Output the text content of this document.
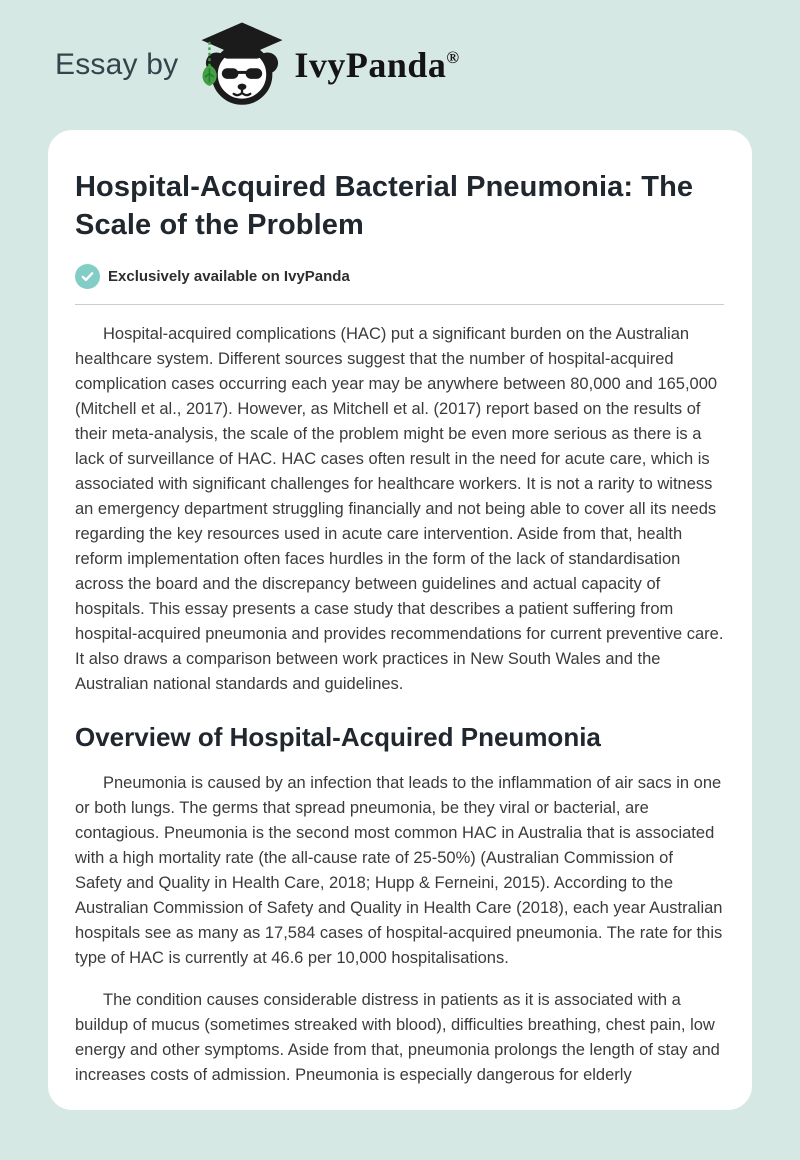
Essay by	IvyPanda®
Hospital-Acquired Bacterial Pneumonia: The Scale of the Problem
Exclusively available on IvyPanda

Hospital-acquired complications (HAC) put a significant burden on the Australian healthcare system. Different sources suggest that the number of hospital-acquired complication cases occurring each year may be anywhere between 80,000 and 165,000 (Mitchell et al., 2017). However, as Mitchell et al. (2017) report based on the results of their meta-analysis, the scale of the problem might be even more serious as there is a lack of surveillance of HAC. HAC cases often result in the need for acute care, which is associated with significant challenges for healthcare workers. It is not a rarity to witness an emergency department struggling financially and not being able to cover all its needs regarding the key resources used in acute care intervention. Aside from that, health reform implementation often faces hurdles in the form of the lack of standardisation across the board and the discrepancy between guidelines and actual capacity of hospitals. This essay presents a case study that describes a patient suffering from hospital-acquired pneumonia and provides recommendations for current preventive care. It also draws a comparison between work practices in New South Wales and the Australian national standards and guidelines.

Overview of Hospital-Acquired Pneumonia

Pneumonia is caused by an infection that leads to the inflammation of air sacs in one or both lungs. The germs that spread pneumonia, be they viral or bacterial, are contagious. Pneumonia is the second most common HAC in Australia that is associated with a high mortality rate (the all-cause rate of 25-50%) (Australian Commission of Safety and Quality in Health Care, 2018; Hupp & Ferneini, 2015). According to the Australian Commission of Safety and Quality in Health Care (2018), each year Australian hospitals see as many as 17,584 cases of hospital-acquired pneumonia. The rate for this type of HAC is currently at 46.6 per 10,000 hospitalisations.

The condition causes considerable distress in patients as it is associated with a buildup of mucus (sometimes streaked with blood), difficulties breathing, chest pain, low energy and other symptoms. Aside from that, pneumonia prolongs the length of stay and increases costs of admission. Pneumonia is especially dangerous for elderly
